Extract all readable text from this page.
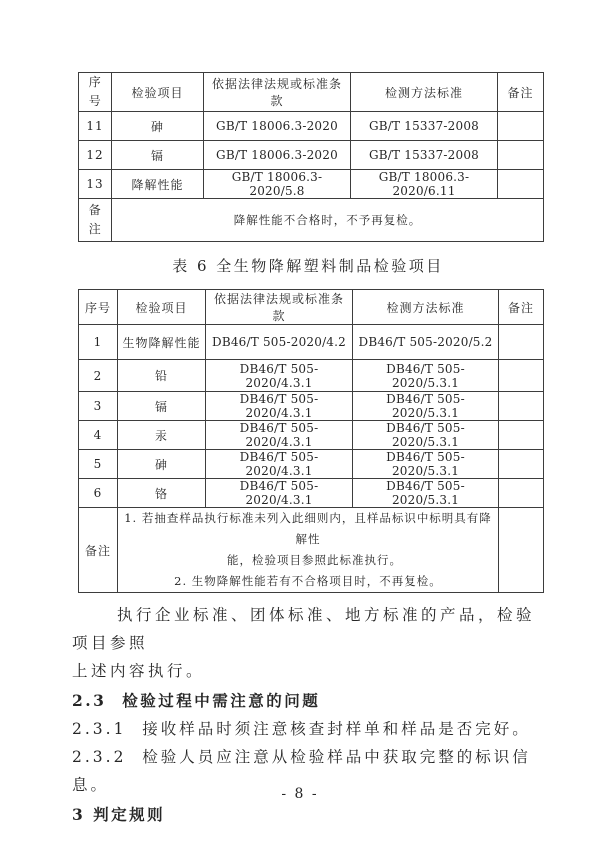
序号	检验项目	依据法律法规或标准条款	检测方法标准	备注
11	砷	GB/T 18006.3-2020	GB/T 15337-2008	
12	镉	GB/T 18006.3-2020	GB/T 15337-2008	
13	降解性能	GB/T 18006.3-2020/5.8	GB/T 18006.3-2020/6.11	
备注	降解性能不合格时，不予再复检。			
表 6 全生物降解塑料制品检验项目
序号	检验项目	依据法律法规或标准条款	检测方法标准	备注
1	生物降解性能	DB46/T 505-2020/4.2	DB46/T 505-2020/5.2	
2	铅	DB46/T 505-2020/4.3.1	DB46/T 505-2020/5.3.1	
3	镉	DB46/T 505-2020/4.3.1	DB46/T 505-2020/5.3.1	
4	汞	DB46/T 505-2020/4.3.1	DB46/T 505-2020/5.3.1	
5	砷	DB46/T 505-2020/4.3.1	DB46/T 505-2020/5.3.1	
6	铬	DB46/T 505-2020/4.3.1	DB46/T 505-2020/5.3.1	
备注	1. 若抽查样品执行标准未列入此细则内，且样品标识中标明具有降解性
能，检验项目参照此标准执行。
2. 生物降解性能若有不合格项目时，不再复检。			

执行企业标准、团体标准、地方标准的产品，检验项目参照
上述内容执行。

2.3  检验过程中需注意的问题
2.3.1  接收样品时须注意核查封样单和样品是否完好。
2.3.2  检验人员应注意从检验样品中获取完整的标识信息。
3 判定规则
- 8 -
